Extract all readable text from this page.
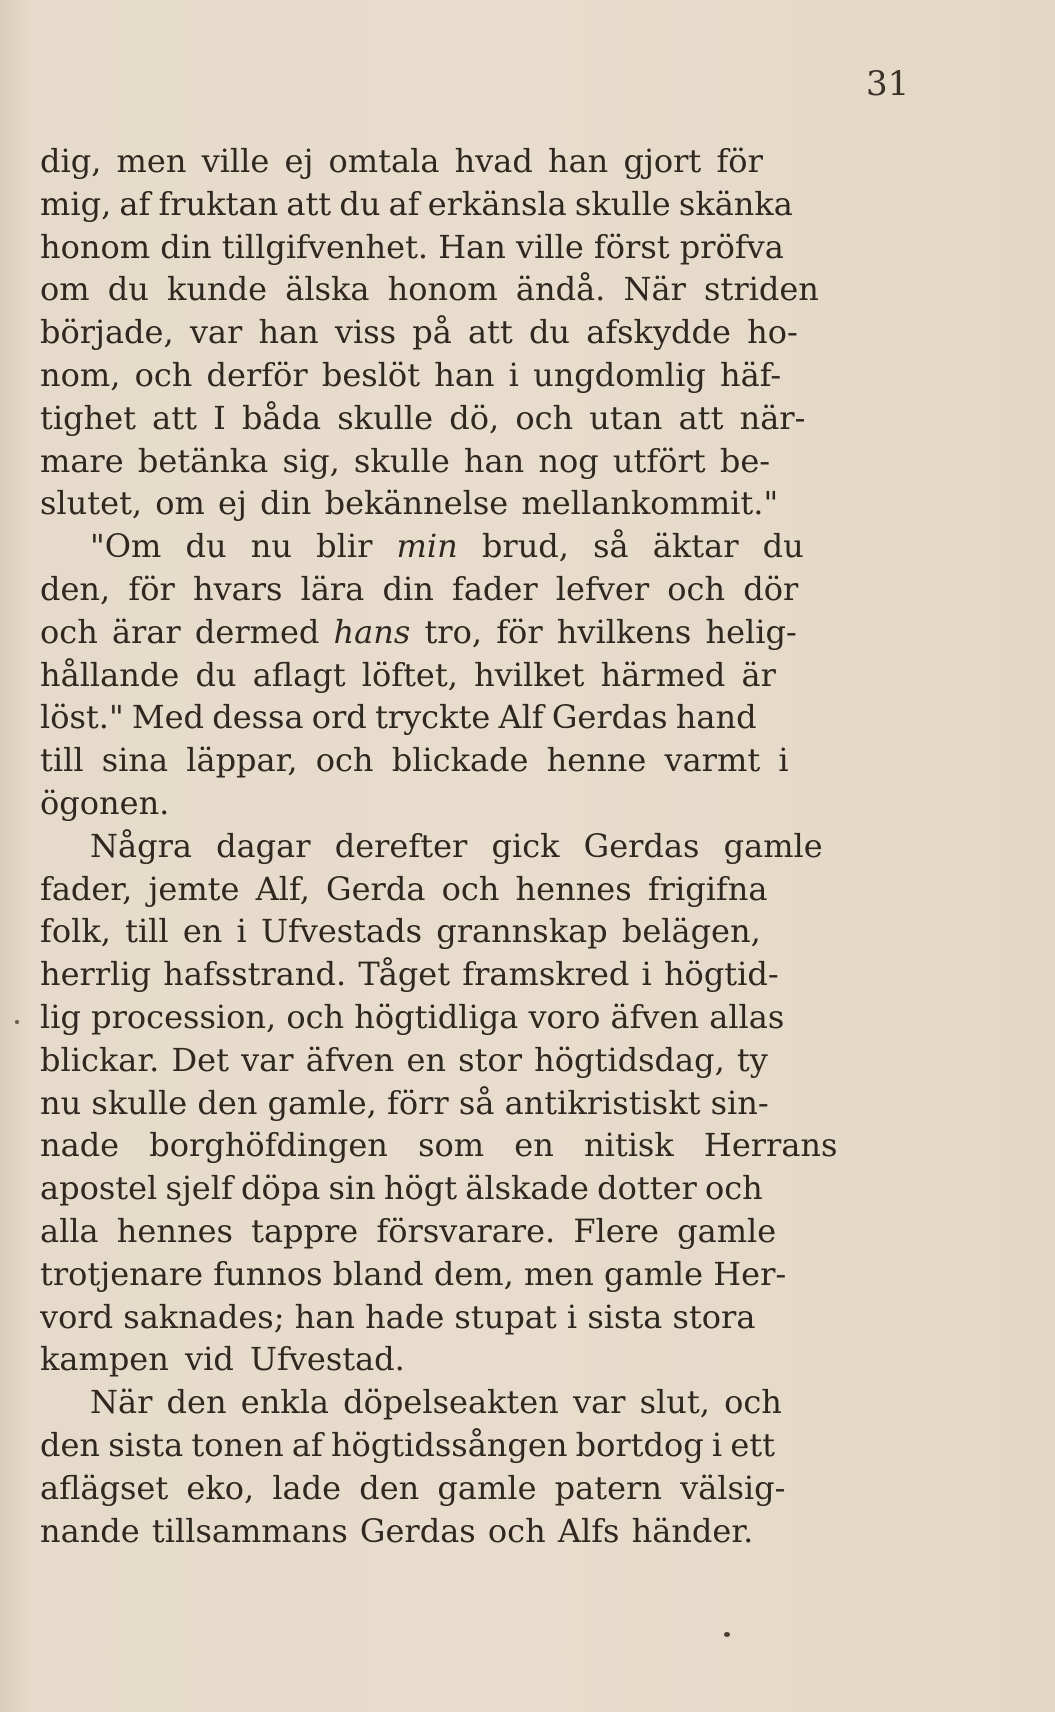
31
dig, men ville ej omtala hvad han gjort för
mig, af fruktan att du af erkänsla skulle skänka
honom din tillgifvenhet. Han ville först pröfva
om du kunde älska honom ändå. När striden
började, var han viss på att du afskydde ho-
nom, och derför beslöt han i ungdomlig häf-
tighet att I båda skulle dö, och utan att när-
mare betänka sig, skulle han nog utfört be-
slutet, om ej din bekännelse mellankommit."
"Om du nu blir min brud, så äktar du
den, för hvars lära din fader lefver och dör
och ärar dermed hans tro, för hvilkens helig-
hållande du aflagt löftet, hvilket härmed är
löst." Med dessa ord tryckte Alf Gerdas hand
till sina läppar, och blickade henne varmt i
ögonen.
Några dagar derefter gick Gerdas gamle
fader, jemte Alf, Gerda och hennes frigifna
folk, till en i Ufvestads grannskap belägen,
herrlig hafsstrand. Tåget framskred i högtid-
lig procession, och högtidliga voro äfven allas
blickar. Det var äfven en stor högtidsdag, ty
nu skulle den gamle, förr så antikristiskt sin-
nade borghöfdingen som en nitisk Herrans
apostel sjelf döpa sin högt älskade dotter och
alla hennes tappre försvarare. Flere gamle
trotjenare funnos bland dem, men gamle Her-
vord saknades; han hade stupat i sista stora
kampen vid Ufvestad.
När den enkla döpelseakten var slut, och
den sista tonen af högtidssången bortdog i ett
aflägset eko, lade den gamle patern välsig-
nande tillsammans Gerdas och Alfs händer.
